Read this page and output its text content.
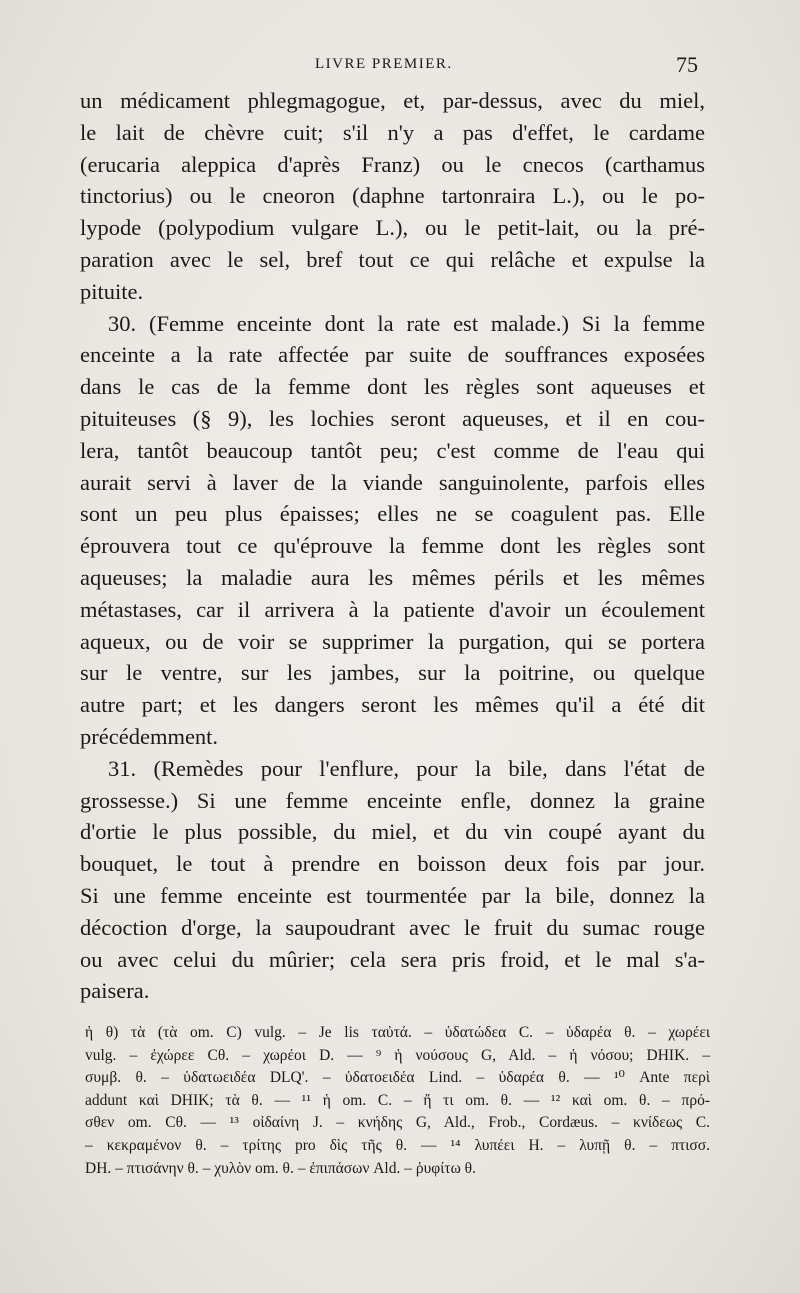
LIVRE PREMIER.	75

un médicament phlegmagogue, et, par-dessus, avec du miel,
le lait de chèvre cuit; s'il n'y a pas d'effet, le cardame
(erucaria aleppica d'après Franz) ou le cnecos (carthamus
tinctorius) ou le cneoron (daphne tartonraira L.), ou le po-
lypode (polypodium vulgare L.), ou le petit-lait, ou la pré-
paration avec le sel, bref tout ce qui relâche et expulse la
pituite.

30. (Femme enceinte dont la rate est malade.) Si la femme
enceinte a la rate affectée par suite de souffrances exposées
dans le cas de la femme dont les règles sont aqueuses et
pituiteuses (§ 9), les lochies seront aqueuses, et il en cou-
lera, tantôt beaucoup tantôt peu; c'est comme de l'eau qui
aurait servi à laver de la viande sanguinolente, parfois elles
sont un peu plus épaisses; elles ne se coagulent pas. Elle
éprouvera tout ce qu'éprouve la femme dont les règles sont
aqueuses; la maladie aura les mêmes périls et les mêmes
métastases, car il arrivera à la patiente d'avoir un écoulement
aqueux, ou de voir se supprimer la purgation, qui se portera
sur le ventre, sur les jambes, sur la poitrine, ou quelque
autre part; et les dangers seront les mêmes qu'il a été dit
précédemment.

31. (Remèdes pour l'enflure, pour la bile, dans l'état de
grossesse.) Si une femme enceinte enfle, donnez la graine
d'ortie le plus possible, du miel, et du vin coupé ayant du
bouquet, le tout à prendre en boisson deux fois par jour.
Si une femme enceinte est tourmentée par la bile, donnez la
décoction d'orge, la saupoudrant avec le fruit du sumac rouge
ou avec celui du mûrier; cela sera pris froid, et le mal s'a-
paisera.

ἠ θ) τὰ (τὰ om. C) vulg. – Je lis ταὐτά. – ὑδατώδεα C. – ὑδαρέα θ. – χωρέει
vulg. – ἐχώρεε Cθ. – χωρέοι D. — ⁹ ἡ νούσους G, Ald. – ἡ νόσου; DHIK. –
συμβ. θ. – ὑδατωειδέα DLQ'. – ὑδατοειδέα Lind. – ὑδαρέα θ. — ¹⁰ Ante περὶ
addunt καὶ DHIK; τὰ θ. — ¹¹ ἡ om. C. – ἤ τι om. θ. — ¹² καὶ om. θ. – πρό-
σθεν om. Cθ. — ¹³ οἰδαίνη J. – κνήδης G, Ald., Frob., Cordæus. – κνίδεως C.
– κεκραμένον θ. – τρίτης pro δὶς τῆς θ. — ¹⁴ λυπέει H. – λυπῇ θ. – πτισσ.
DH. – πτισάνην θ. – χυλὸν om. θ. – ἐπιπάσων Ald. – ῥυφίτω θ.
